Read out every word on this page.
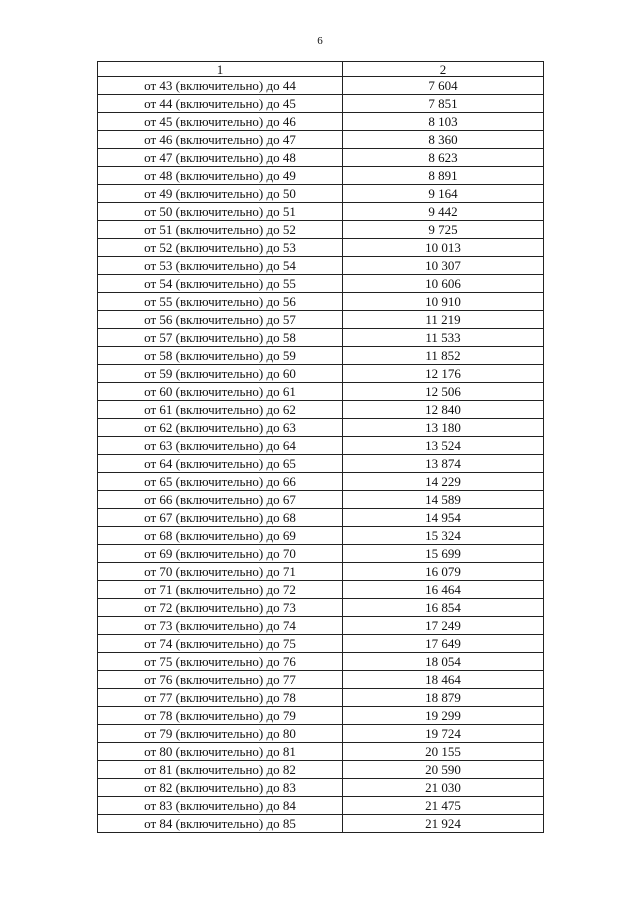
6
1	2
от 43 (включительно) до 44	7 604
от 44 (включительно) до 45	7 851
от 45 (включительно) до 46	8 103
от 46 (включительно) до 47	8 360
от 47 (включительно) до 48	8 623
от 48 (включительно) до 49	8 891
от 49 (включительно) до 50	9 164
от 50 (включительно) до 51	9 442
от 51 (включительно) до 52	9 725
от 52 (включительно) до 53	10 013
от 53 (включительно) до 54	10 307
от 54 (включительно) до 55	10 606
от 55 (включительно) до 56	10 910
от 56 (включительно) до 57	11 219
от 57 (включительно) до 58	11 533
от 58 (включительно) до 59	11 852
от 59 (включительно) до 60	12 176
от 60 (включительно) до 61	12 506
от 61 (включительно) до 62	12 840
от 62 (включительно) до 63	13 180
от 63 (включительно) до 64	13 524
от 64 (включительно) до 65	13 874
от 65 (включительно) до 66	14 229
от 66 (включительно) до 67	14 589
от 67 (включительно) до 68	14 954
от 68 (включительно) до 69	15 324
от 69 (включительно) до 70	15 699
от 70 (включительно) до 71	16 079
от 71 (включительно) до 72	16 464
от 72 (включительно) до 73	16 854
от 73 (включительно) до 74	17 249
от 74 (включительно) до 75	17 649
от 75 (включительно) до 76	18 054
от 76 (включительно) до 77	18 464
от 77 (включительно) до 78	18 879
от 78 (включительно) до 79	19 299
от 79 (включительно) до 80	19 724
от 80 (включительно) до 81	20 155
от 81 (включительно) до 82	20 590
от 82 (включительно) до 83	21 030
от 83 (включительно) до 84	21 475
от 84 (включительно) до 85	21 924
